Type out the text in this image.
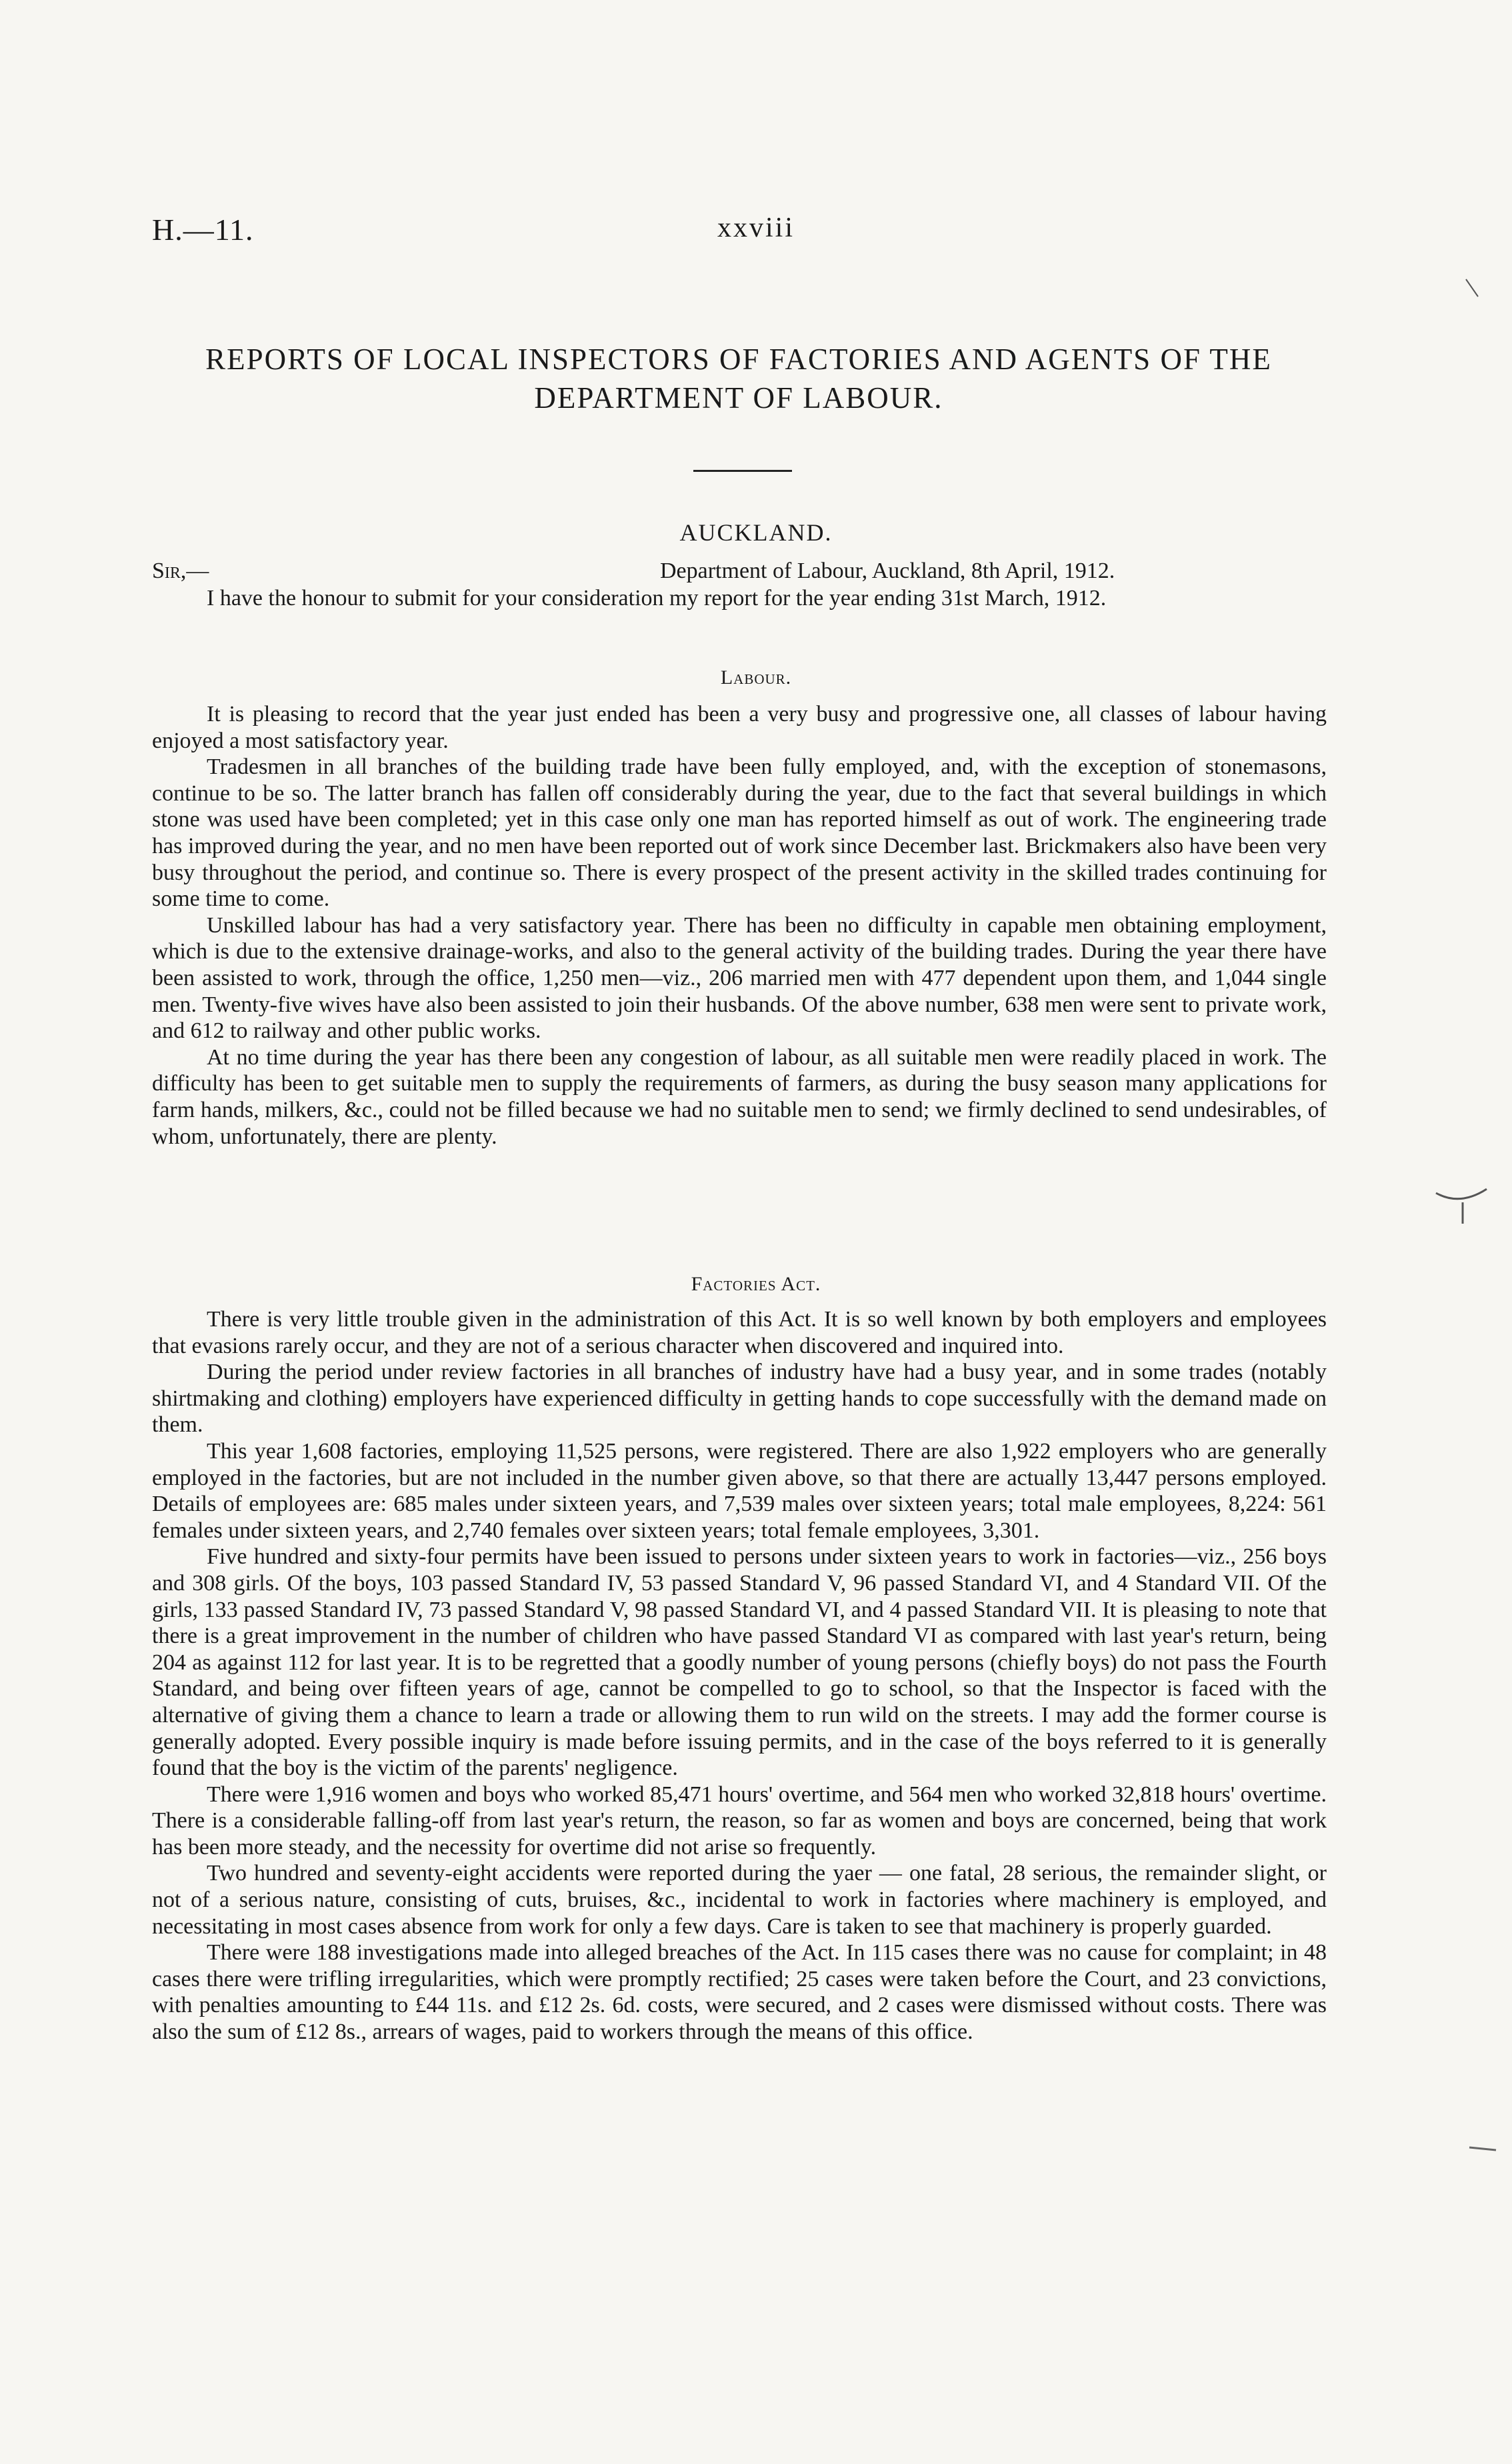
H.—11.	xxviii
REPORTS OF LOCAL INSPECTORS OF FACTORIES AND AGENTS OF THE DEPARTMENT OF LABOUR.
AUCKLAND.
Sir,—	Department of Labour, Auckland, 8th April, 1912.

I have the honour to submit for your consideration my report for the year ending 31st March, 1912.

Labour.

It is pleasing to record that the year just ended has been a very busy and progressive one, all classes of labour having enjoyed a most satisfactory year.

Tradesmen in all branches of the building trade have been fully employed, and, with the exception of stonemasons, continue to be so. The latter branch has fallen off considerably during the year, due to the fact that several buildings in which stone was used have been completed; yet in this case only one man has reported himself as out of work. The engineering trade has improved during the year, and no men have been reported out of work since December last. Brickmakers also have been very busy throughout the period, and continue so. There is every prospect of the present activity in the skilled trades continuing for some time to come.

Unskilled labour has had a very satisfactory year. There has been no difficulty in capable men obtaining employment, which is due to the extensive drainage-works, and also to the general activity of the building trades. During the year there have been assisted to work, through the office, 1,250 men—viz., 206 married men with 477 dependent upon them, and 1,044 single men. Twenty-five wives have also been assisted to join their husbands. Of the above number, 638 men were sent to private work, and 612 to railway and other public works.

At no time during the year has there been any congestion of labour, as all suitable men were readily placed in work. The difficulty has been to get suitable men to supply the requirements of farmers, as during the busy season many applications for farm hands, milkers, &c., could not be filled because we had no suitable men to send; we firmly declined to send undesirables, of whom, unfortunately, there are plenty.

Factories Act.

There is very little trouble given in the administration of this Act. It is so well known by both employers and employees that evasions rarely occur, and they are not of a serious character when discovered and inquired into.

During the period under review factories in all branches of industry have had a busy year, and in some trades (notably shirtmaking and clothing) employers have experienced difficulty in getting hands to cope successfully with the demand made on them.

This year 1,608 factories, employing 11,525 persons, were registered. There are also 1,922 employers who are generally employed in the factories, but are not included in the number given above, so that there are actually 13,447 persons employed. Details of employees are: 685 males under sixteen years, and 7,539 males over sixteen years; total male employees, 8,224: 561 females under sixteen years, and 2,740 females over sixteen years; total female employees, 3,301.

Five hundred and sixty-four permits have been issued to persons under sixteen years to work in factories—viz., 256 boys and 308 girls. Of the boys, 103 passed Standard IV, 53 passed Standard V, 96 passed Standard VI, and 4 Standard VII. Of the girls, 133 passed Standard IV, 73 passed Standard V, 98 passed Standard VI, and 4 passed Standard VII. It is pleasing to note that there is a great improvement in the number of children who have passed Standard VI as compared with last year's return, being 204 as against 112 for last year. It is to be regretted that a goodly number of young persons (chiefly boys) do not pass the Fourth Standard, and being over fifteen years of age, cannot be compelled to go to school, so that the Inspector is faced with the alternative of giving them a chance to learn a trade or allowing them to run wild on the streets. I may add the former course is generally adopted. Every possible inquiry is made before issuing permits, and in the case of the boys referred to it is generally found that the boy is the victim of the parents' negligence.

There were 1,916 women and boys who worked 85,471 hours' overtime, and 564 men who worked 32,818 hours' overtime. There is a considerable falling-off from last year's return, the reason, so far as women and boys are concerned, being that work has been more steady, and the necessity for overtime did not arise so frequently.

Two hundred and seventy-eight accidents were reported during the yaer — one fatal, 28 serious, the remainder slight, or not of a serious nature, consisting of cuts, bruises, &c., incidental to work in factories where machinery is employed, and necessitating in most cases absence from work for only a few days. Care is taken to see that machinery is properly guarded.

There were 188 investigations made into alleged breaches of the Act. In 115 cases there was no cause for complaint; in 48 cases there were trifling irregularities, which were promptly rectified; 25 cases were taken before the Court, and 23 convictions, with penalties amounting to £44 11s. and £12 2s. 6d. costs, were secured, and 2 cases were dismissed without costs. There was also the sum of £12 8s., arrears of wages, paid to workers through the means of this office.
